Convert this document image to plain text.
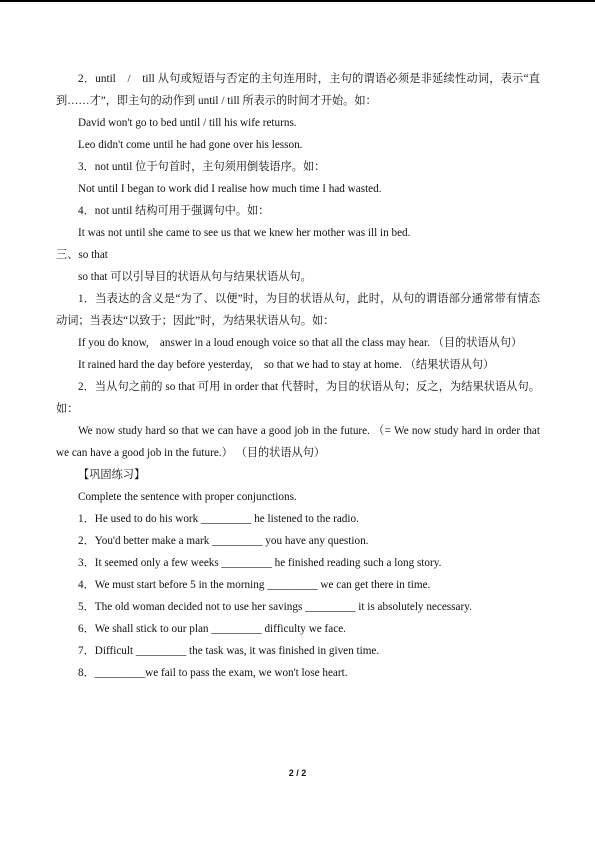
2．until　/　till 从句或短语与否定的主句连用时，主句的谓语必须是非延续性动词，表示“直到……才”，即主句的动作到 until / till 所表示的时间才开始。如：

David won't go to bed until / till his wife returns.

Leo didn't come until he had gone over his lesson.

3．not until 位于句首时，主句须用倒装语序。如：

Not until I began to work did I realise how much time I had wasted.

4．not until 结构可用于强调句中。如：

It was not until she came to see us that we knew her mother was ill in bed.

三、so that

so that 可以引导目的状语从句与结果状语从句。

1．当表达的含义是“为了、以便”时，为目的状语从句，此时，从句的谓语部分通常带有情态动词；当表达“以致于；因此”时，为结果状语从句。如：

If you do know,　answer in a loud enough voice so that all the class may hear. （目的状语从句）

It rained hard the day before yesterday,　so that we had to stay at home. （结果状语从句）

2．当从句之前的 so that 可用 in order that 代替时，为目的状语从句；反之，为结果状语从句。如：

We now study hard so that we can have a good job in the future. （= We now study hard in order that we can have a good job in the future.） （目的状语从句）

【巩固练习】

Complete the sentence with proper conjunctions.

1．He used to do his work _________ he listened to the radio.

2．You'd better make a mark _________ you have any question.

3．It seemed only a few weeks _________ he finished reading such a long story.

4．We must start before 5 in the morning _________ we can get there in time.

5．The old woman decided not to use her savings _________ it is absolutely necessary.

6．We shall stick to our plan _________ difficulty we face.

7．Difficult _________ the task was, it was finished in given time.

8．_________we fail to pass the exam, we won't lose heart.

2 / 2
